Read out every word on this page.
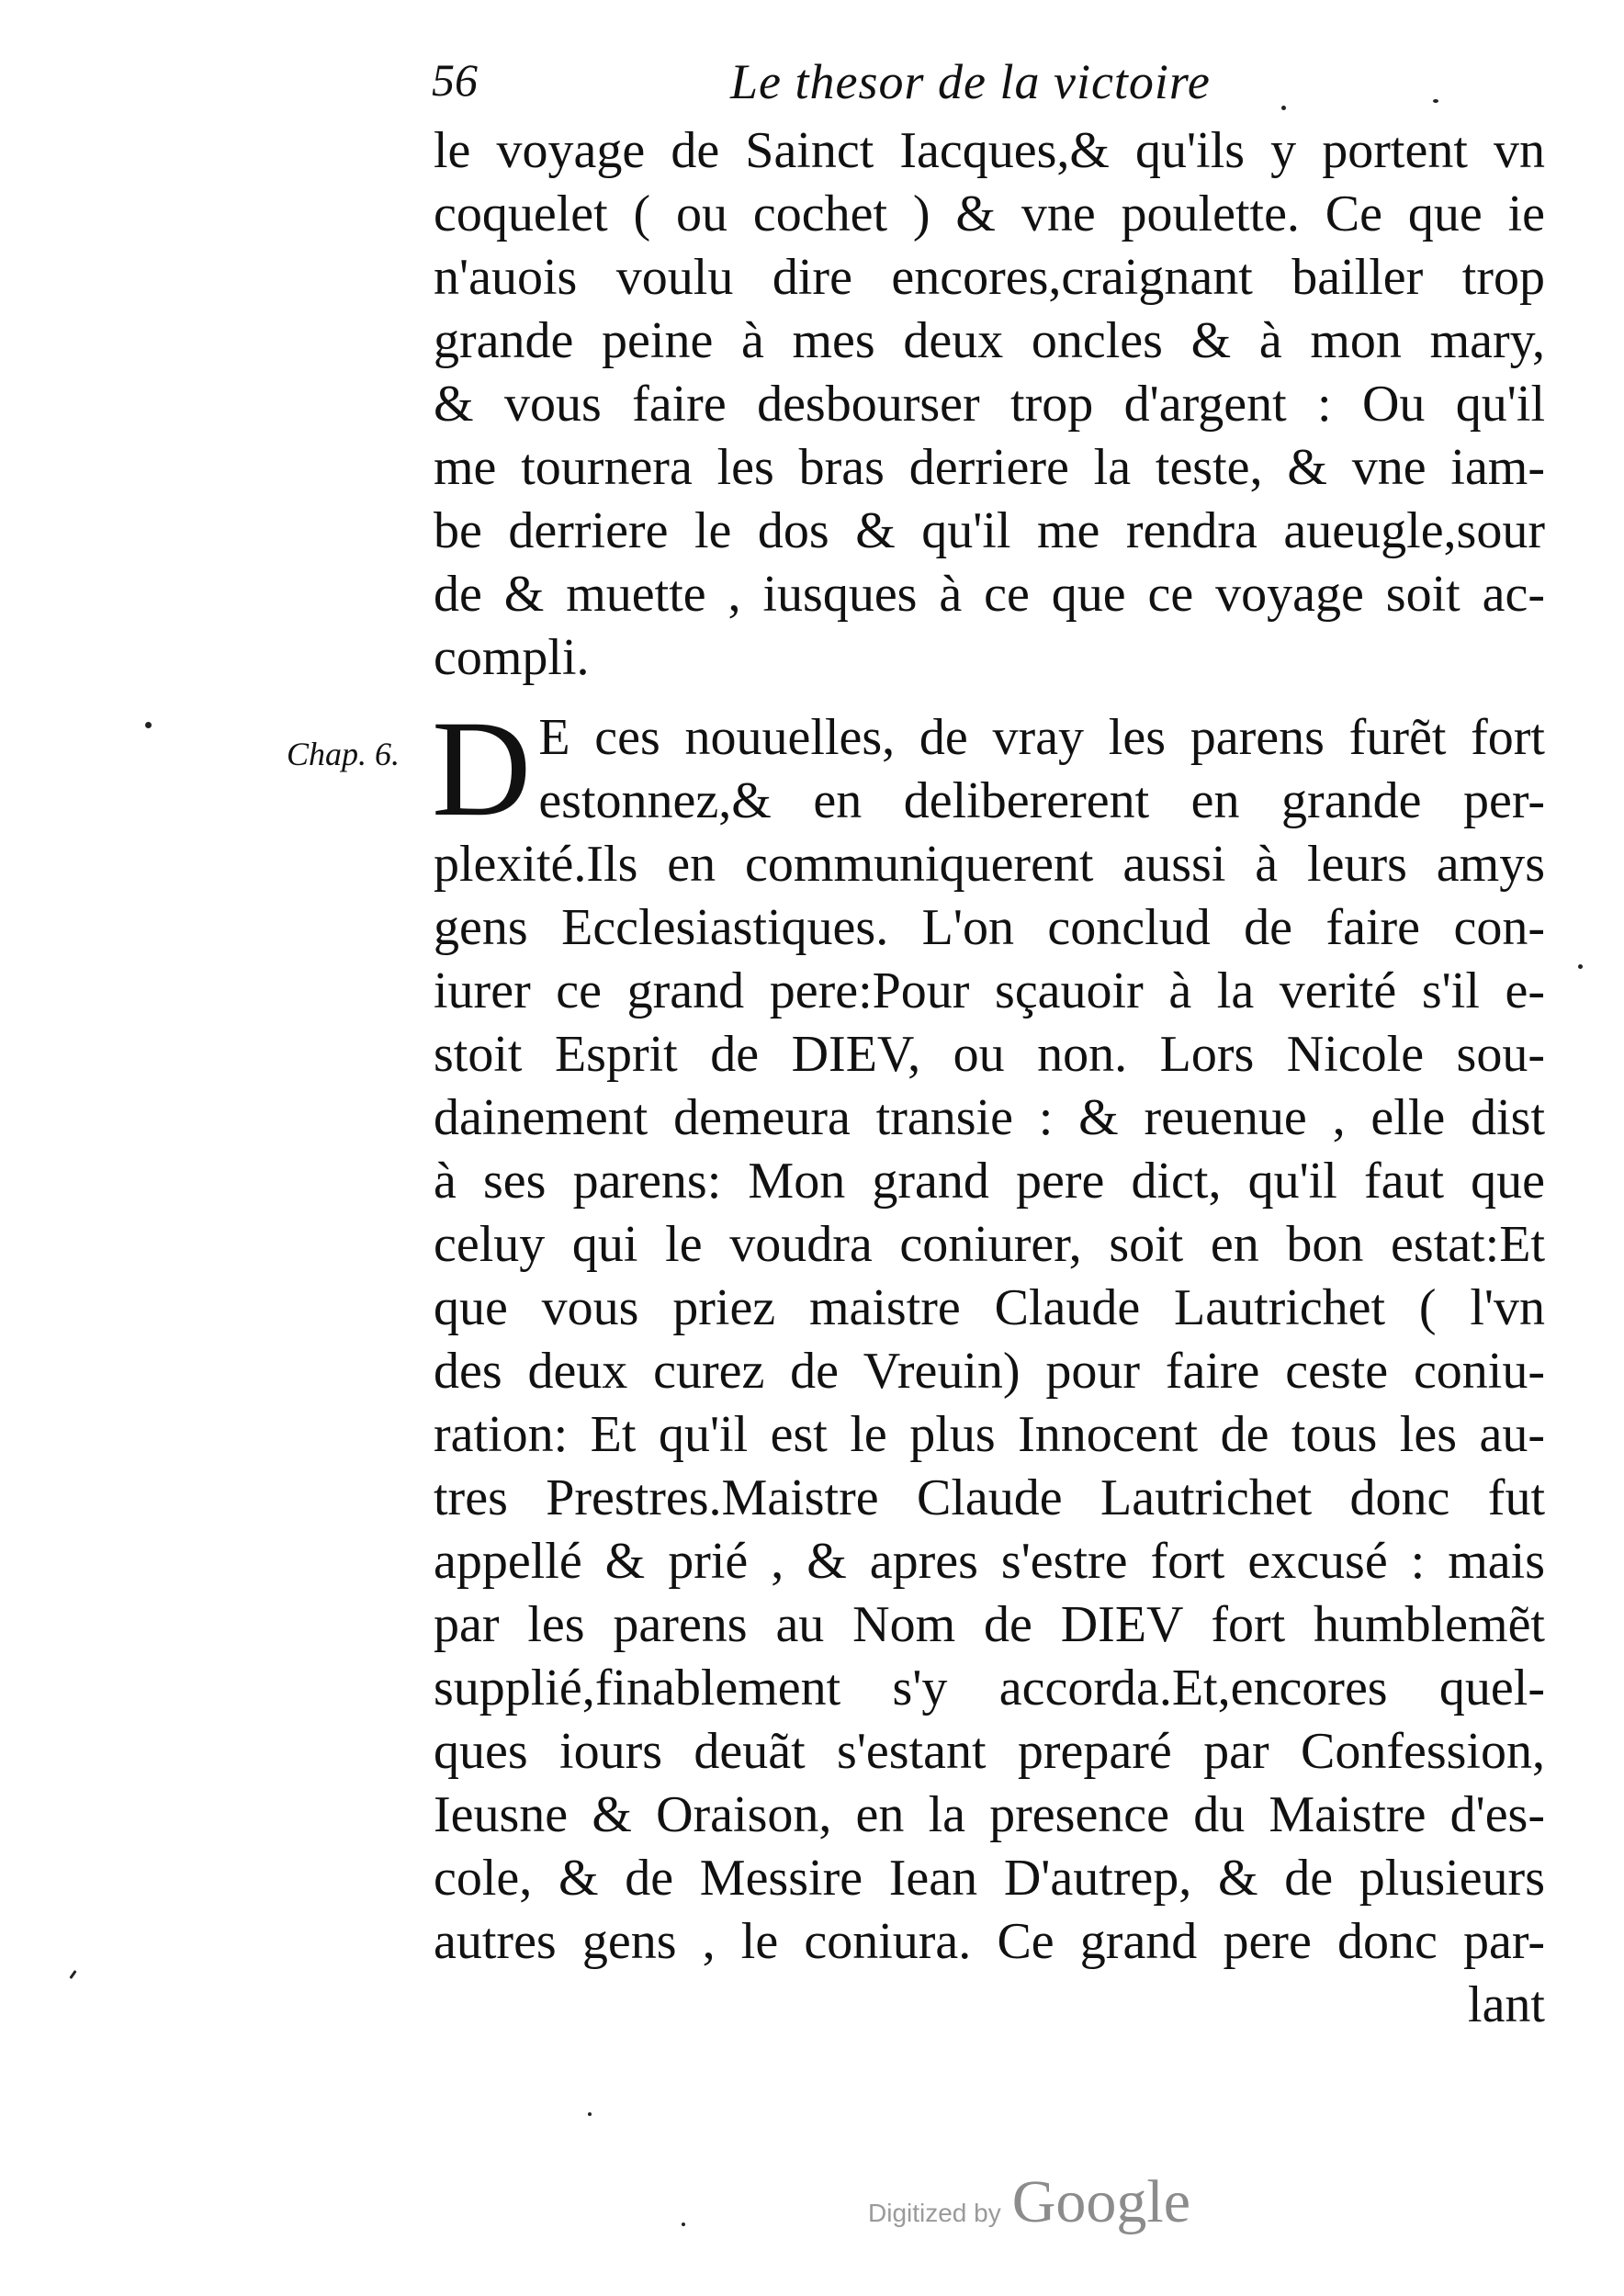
56	Le thesor de la victoire
Chap. 6.
le voyage de Sainct Iacques,& qu'ils y portent vn
coquelet ( ou cochet ) & vne poulette. Ce que ie
n'auois voulu dire encores,craignant bailler trop
grande peine à mes deux oncles & à mon mary,
& vous faire desbourser trop d'argent : Ou qu'il
me tournera les bras derriere la teste, & vne iam-
be derriere le dos & qu'il me rendra aueugle,sour
de & muette , iusques à ce que ce voyage soit ac-
compli.
D E ces nouuelles, de vray les parens furẽt fort
estonnez,& en delibererent en grande per-
plexité.Ils en communiquerent aussi à leurs amys
gens Ecclesiastiques. L'on conclud de faire con-
iurer ce grand pere:Pour sçauoir à la verité s'il e-
stoit Esprit de DIEV, ou non. Lors Nicole sou-
dainement demeura transie : & reuenue , elle dist
à ses parens: Mon grand pere dict, qu'il faut que
celuy qui le voudra coniurer, soit en bon estat:Et
que vous priez maistre Claude Lautrichet ( l'vn
des deux curez de Vreuin) pour faire ceste coniu-
ration: Et qu'il est le plus Innocent de tous les au-
tres Prestres.Maistre Claude Lautrichet donc fut
appellé & prié , & apres s'estre fort excusé : mais
par les parens au Nom de DIEV fort humblemẽt
supplié,finablement s'y accorda.Et,encores quel-
ques iours deuãt s'estant preparé par Confession,
Ieusne & Oraison, en la presence du Maistre d'es-
cole, & de Messire Iean D'autrep, & de plusieurs
autres gens , le coniura. Ce grand pere donc par-
lant
Digitized by Google
